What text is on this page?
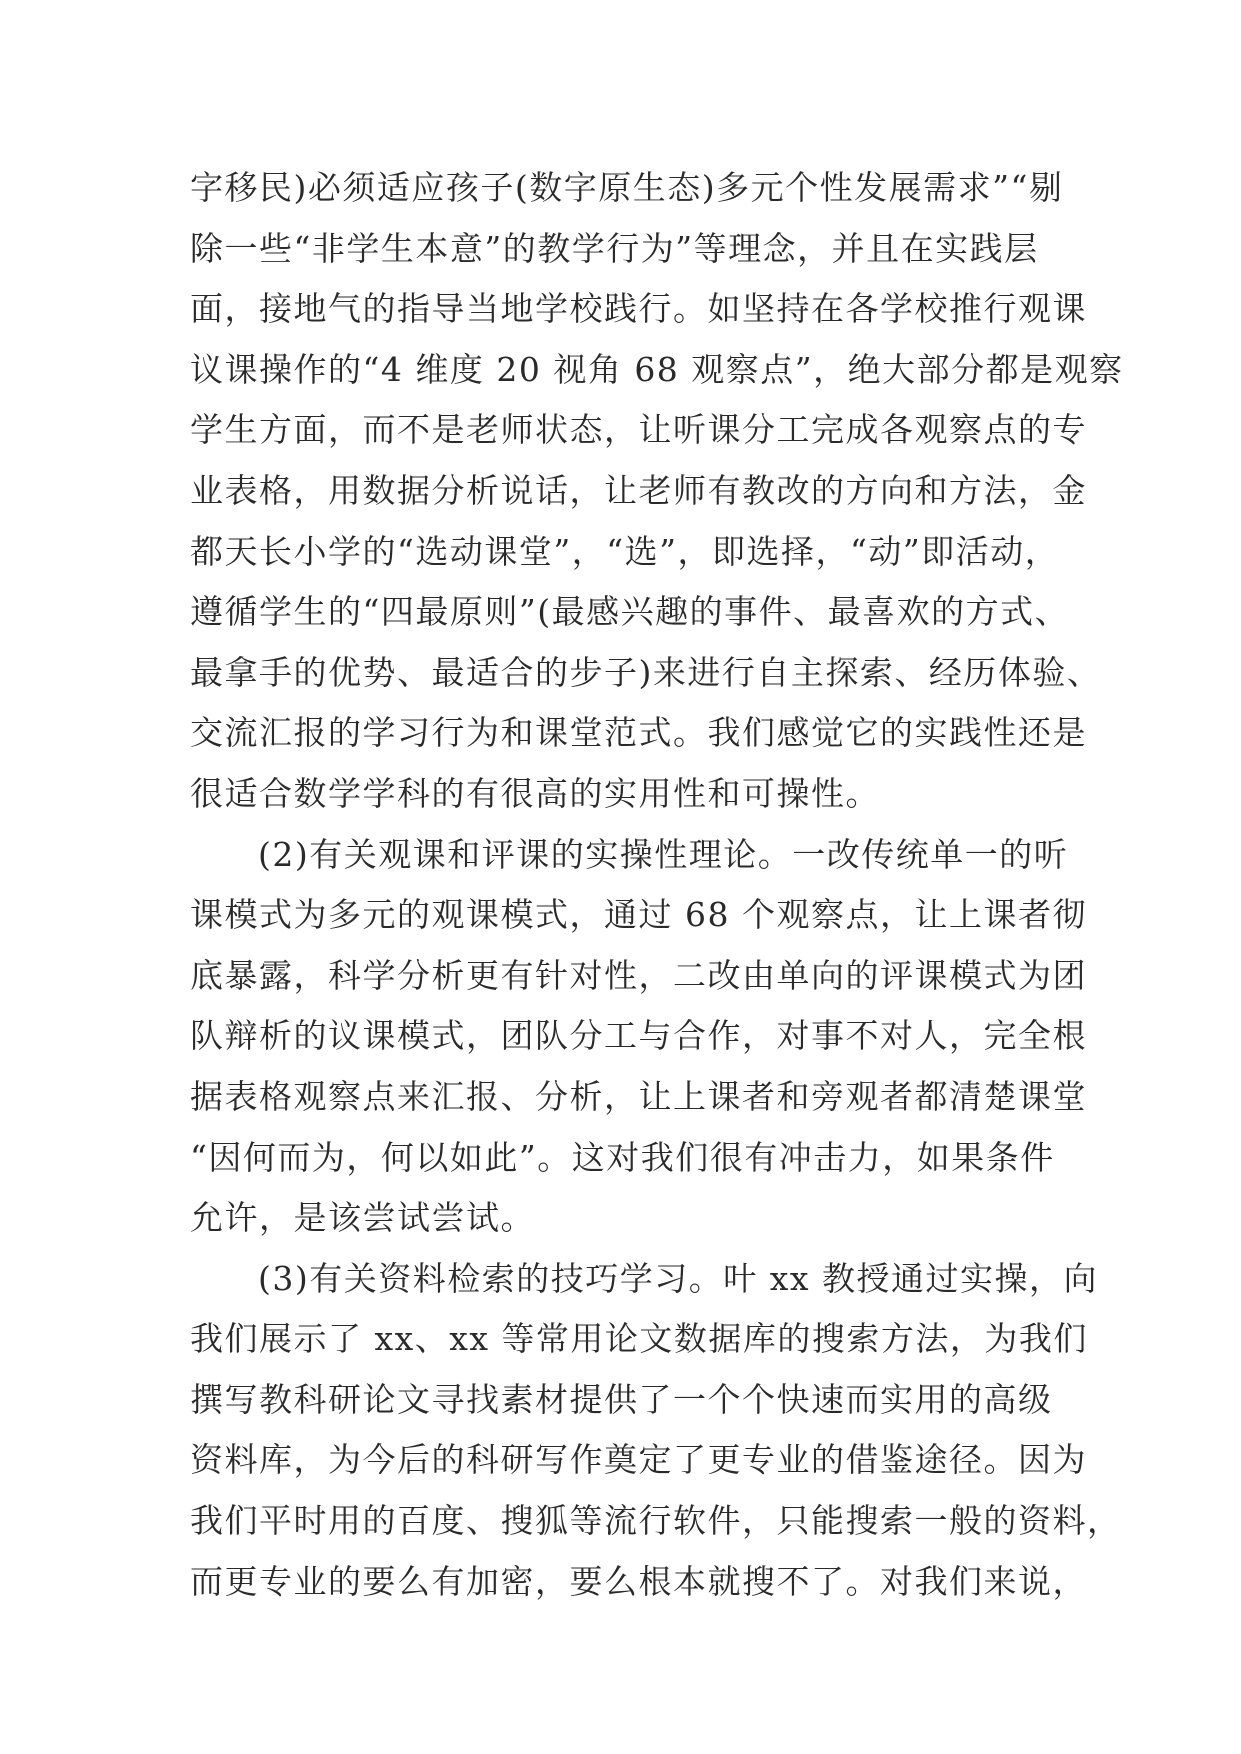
字移民)必须适应孩子(数字原生态)多元个性发展需求”“剔
除一些“非学生本意”的教学行为”等理念，并且在实践层
面，接地气的指导当地学校践行。如坚持在各学校推行观课
议课操作的“4 维度 20 视角 68 观察点”，绝大部分都是观察
学生方面，而不是老师状态，让听课分工完成各观察点的专
业表格，用数据分析说话，让老师有教改的方向和方法，金
都天长小学的“选动课堂”，“选”，即选择，“动”即活动，
遵循学生的“四最原则”(最感兴趣的事件、最喜欢的方式、
最拿手的优势、最适合的步子)来进行自主探索、经历体验、
交流汇报的学习行为和课堂范式。我们感觉它的实践性还是
很适合数学学科的有很高的实用性和可操性。
(2)有关观课和评课的实操性理论。一改传统单一的听
课模式为多元的观课模式，通过 68 个观察点，让上课者彻
底暴露，科学分析更有针对性，二改由单向的评课模式为团
队辩析的议课模式，团队分工与合作，对事不对人，完全根
据表格观察点来汇报、分析，让上课者和旁观者都清楚课堂
“因何而为，何以如此”。这对我们很有冲击力，如果条件
允许，是该尝试尝试。
(3)有关资料检索的技巧学习。叶 xx 教授通过实操，向
我们展示了 xx、xx 等常用论文数据库的搜索方法，为我们
撰写教科研论文寻找素材提供了一个个快速而实用的高级
资料库，为今后的科研写作奠定了更专业的借鉴途径。因为
我们平时用的百度、搜狐等流行软件，只能搜索一般的资料，
而更专业的要么有加密，要么根本就搜不了。对我们来说，
